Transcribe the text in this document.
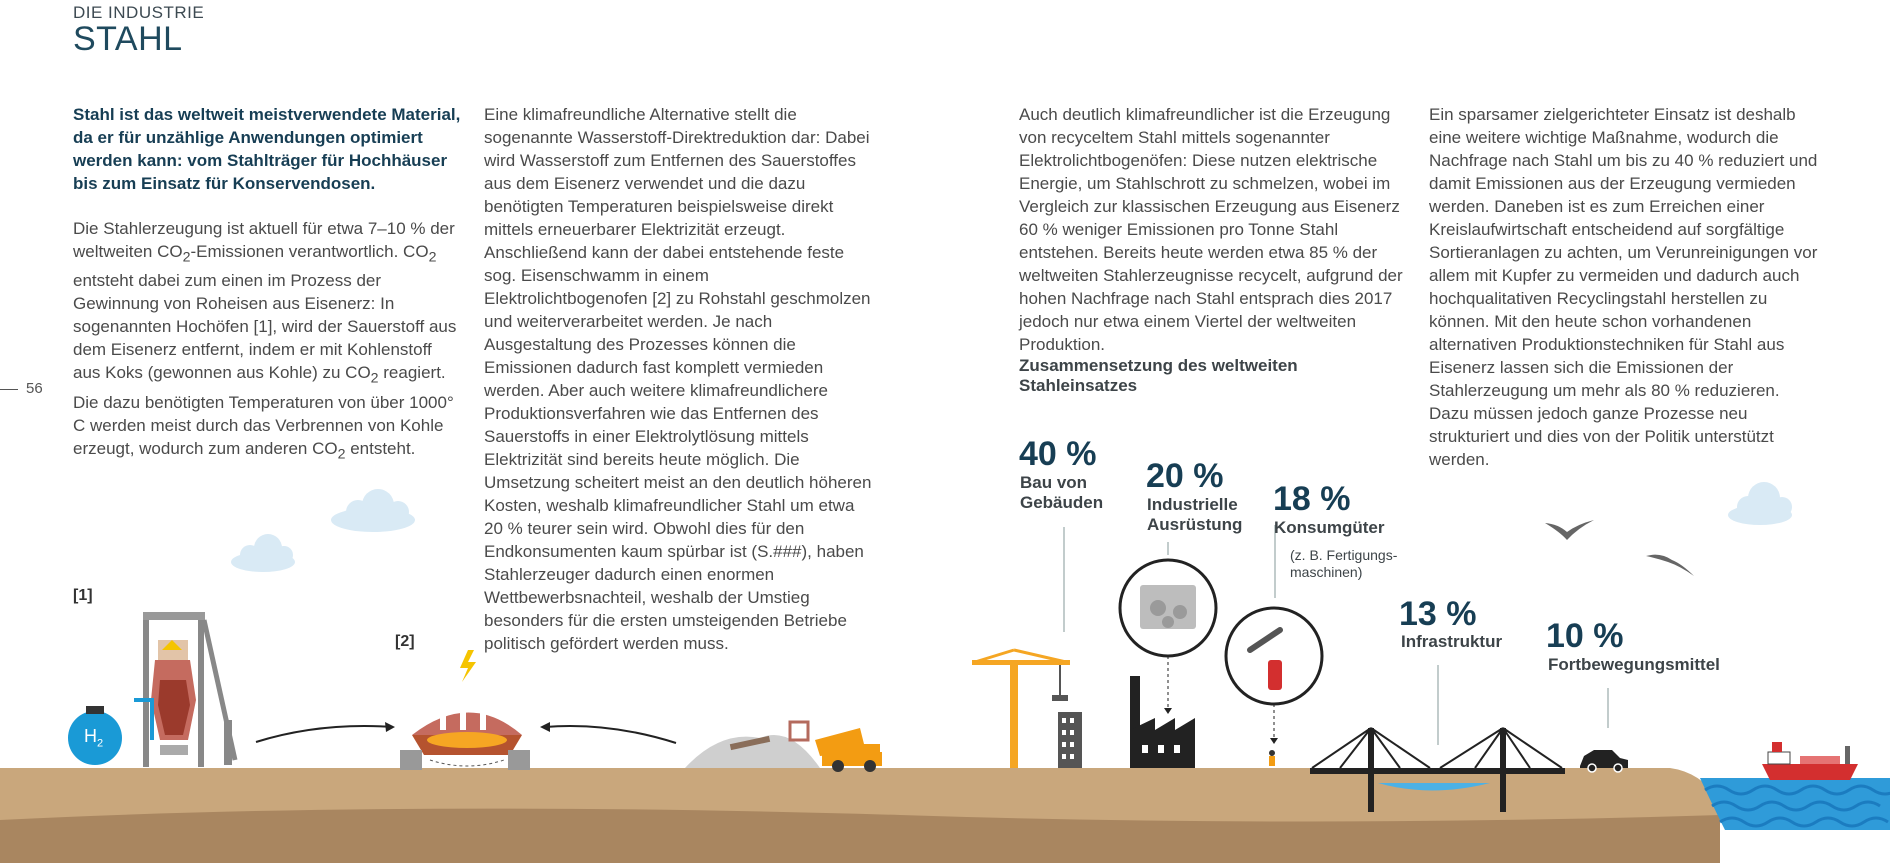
DIE INDUSTRIE
STAHL
56

Stahl ist das weltweit meistverwendete Material, da er für unzählige Anwendungen optimiert werden kann: vom Stahlträger für Hochhäuser bis zum Einsatz für Konservendosen.

Die Stahlerzeugung ist aktuell für etwa 7–10 % der weltweiten $CO_2$-Emissionen verantwortlich. $CO_2$ entsteht dabei zum einen im Prozess der Gewinnung von Roheisen aus Eisenerz: In sogenannten Hochöfen [1], wird der Sauerstoff aus dem Eisenerz entfernt, indem er mit Kohlenstoff aus Koks (gewonnen aus Kohle) zu $CO_2$ reagiert. Die dazu benötigten Temperaturen von über 1000° C werden meist durch das Verbrennen von Kohle erzeugt, wodurch zum anderen $CO_2$ entsteht.

Eine klimafreundliche Alternative stellt die sogenannte Wasserstoff-Direktreduktion dar: Dabei wird Wasserstoff zum Entfernen des Sauerstoffes aus dem Eisenerz verwendet und die dazu benötigten Temperaturen beispielsweise direkt mittels erneuerbarer Elektrizität erzeugt. Anschließend kann der dabei entstehende feste sog. Eisenschwamm in einem Elektrolichtbogenofen [2] zu Rohstahl geschmolzen und weiterverarbeitet werden. Je nach Ausgestaltung des Prozesses können die Emissionen dadurch fast komplett vermieden werden. Aber auch weitere klimafreundlichere Produktionsverfahren wie das Entfernen des Sauerstoffs in einer Elektrolytlösung mittels Elektrizität sind bereits heute möglich. Die Umsetzung scheitert meist an den deutlich höheren Kosten, weshalb klimafreundlicher Stahl um etwa 20 % teurer sein wird. Obwohl dies für den Endkonsumenten kaum spürbar ist (S.###), haben Stahlerzeuger dadurch einen enormen Wettbewerbsnachteil, weshalb der Umstieg besonders für die ersten umsteigenden Betriebe politisch gefördert werden muss.

Auch deutlich klimafreundlicher ist die Erzeugung von recyceltem Stahl mittels sogenannter Elektrolichtbogenöfen: Diese nutzen elektrische Energie, um Stahlschrott zu schmelzen, wobei im Vergleich zur klassischen Erzeugung aus Eisenerz 60 % weniger Emissionen pro Tonne Stahl entstehen. Bereits heute werden etwa 85 % der weltweiten Stahlerzeugnisse recycelt, aufgrund der hohen Nachfrage nach Stahl entsprach dies 2017 jedoch nur etwa einem Viertel der weltweiten Produktion.

Ein sparsamer zielgerichteter Einsatz ist deshalb eine weitere wichtige Maßnahme, wodurch die Nachfrage nach Stahl um bis zu 40 % reduziert und damit Emissionen aus der Erzeugung vermieden werden. Daneben ist es zum Erreichen einer Kreislaufwirtschaft entscheidend auf sorgfältige Sortieranlagen zu achten, um Verunreinigungen vor allem mit Kupfer zu vermeiden und dadurch auch hochqualitativen Recyclingstahl herstellen zu können. Mit den heute schon vorhandenen alternativen Produktionstechniken für Stahl aus Eisenerz lassen sich die Emissionen der Stahlerzeugung um mehr als 80 % reduzieren. Dazu müssen jedoch ganze Prozesse neu strukturiert und dies von der Politik unterstützt werden.

[1]
[2]
$H_2$
Zusammensetzung des weltweiten Stahleinsatzes
40 %
Bau von Gebäuden
20 %
Industrielle Ausrüstung
18 %
Konsumgüter
(z. B. Fertigungs-maschinen)
13 %
Infrastruktur	10 %
Fortbewegungsmittel
